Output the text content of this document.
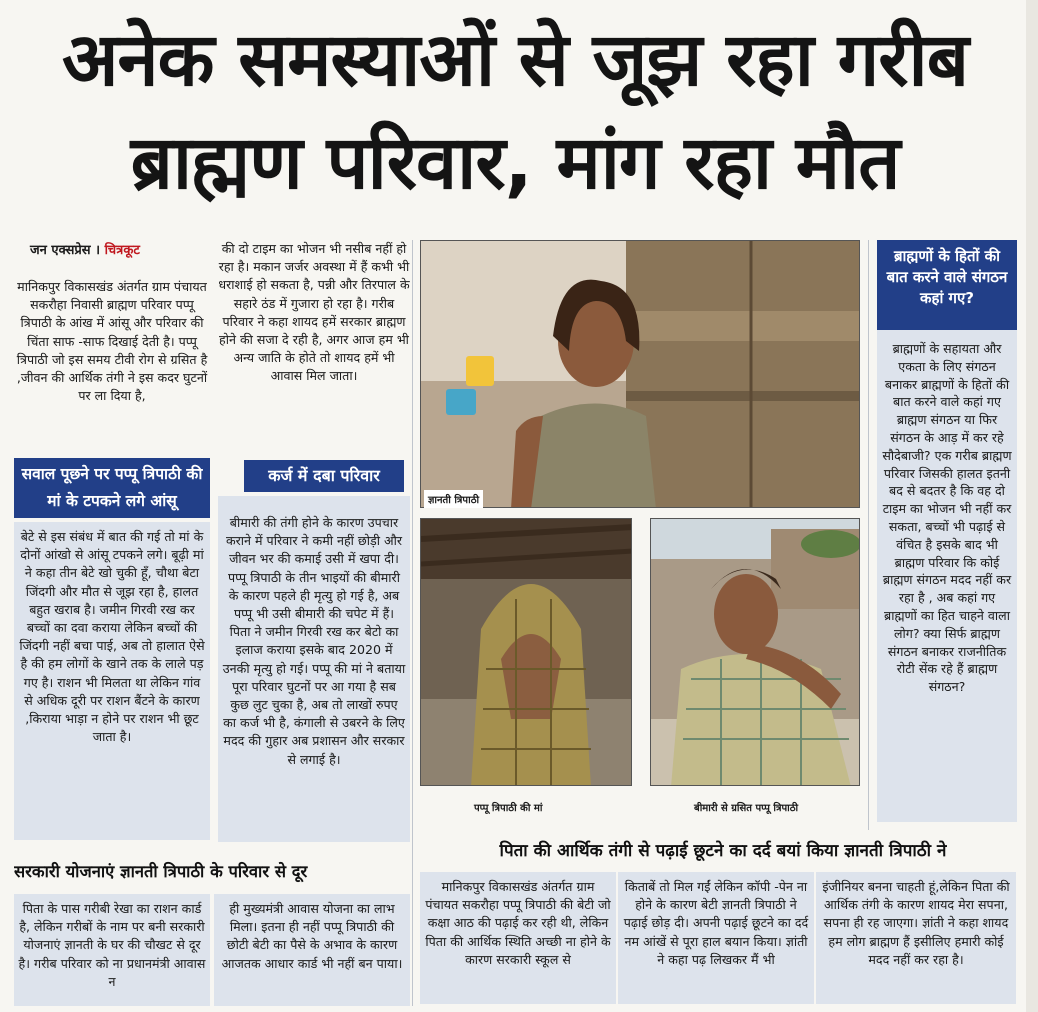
अनेक समस्याओं से जूझ रहा गरीब
ब्राह्मण परिवार, मांग रहा मौत
जन एक्सप्रेस । चित्रकूट
मानिकपुर विकासखंड अंतर्गत ग्राम पंचायत सकरौहा निवासी ब्राह्मण परिवार पप्पू त्रिपाठी के आंख में आंसू और परिवार की चिंता साफ -साफ दिखाई देती है। पप्पू त्रिपाठी जो इस समय टीवी रोग से ग्रसित है ,जीवन की आर्थिक तंगी ने इस कदर घुटनों पर ला दिया है,
की दो टाइम का भोजन भी नसीब नहीं हो रहा है। मकान जर्जर अवस्था में हैं कभी भी धराशाई हो सकता है, पन्नी और तिरपाल के सहारे ठंड में गुजारा हो रहा है। गरीब परिवार ने कहा शायद हमें सरकार ब्राह्मण होने की सजा दे रही है, अगर आज हम भी अन्य जाति के होते तो शायद हमें भी आवास मिल जाता।
सवाल पूछने पर पप्पू त्रिपाठी की मां के टपकने लगे आंसू
बेटे से इस संबंध में बात की गई तो मां के दोनों आंखो से आंसू टपकने लगे। बूढ़ी मां ने कहा तीन बेटे खो चुकी हूँ, चौथा बेटा जिंदगी और मौत से जूझ रहा है, हालत बहुत खराब है। जमीन गिरवी रख कर बच्चों का दवा कराया लेकिन बच्चों की जिंदगी नहीं बचा पाई, अब तो हालात ऐसे है की हम लोगों के खाने तक के लाले पड़ गए है। राशन भी मिलता था लेकिन गांव से अधिक दूरी पर राशन बैंटने के कारण ,किराया भाड़ा न होने पर राशन भी छूट जाता है।
कर्ज में दबा परिवार
बीमारी की तंगी होने के कारण उपचार कराने में परिवार ने कमी नहीं छोड़ी और जीवन भर की कमाई उसी में खपा दी। पप्पू त्रिपाठी के तीन भाइयों की बीमारी के कारण पहले ही मृत्यु हो गई है, अब पप्पू भी उसी बीमारी की चपेट में हैं। पिता ने जमीन गिरवी रख कर बेटो का इलाज कराया इसके बाद 2020 में उनकी मृत्यु हो गई। पप्पू की मां ने बताया पूरा परिवार घुटनों पर आ गया है सब कुछ लुट चुका है, अब तो लाखों रुपए का कर्ज भी है, कंगाली से उबरने के लिए मदद की गुहार अब प्रशासन और सरकार से लगाई है।
ज्ञानती त्रिपाठी
पप्पू त्रिपाठी की मां	बीमारी से ग्रसित पप्पू त्रिपाठी
ब्राह्मणों के हितों की बात करने वाले संगठन कहां गए?
ब्राह्मणों के सहायता और एकता के लिए संगठन बनाकर ब्राह्मणों के हितों की बात करने वाले कहां गए ब्राह्मण संगठन या फिर संगठन के आड़ में कर रहे सौदेबाजी? एक गरीब ब्राह्मण परिवार जिसकी हालत इतनी बद से बदतर है कि वह दो टाइम का भोजन भी नहीं कर सकता, बच्चों भी पढ़ाई से वंचित है इसके बाद भी ब्राह्मण परिवार कि कोई ब्राह्मण संगठन मदद नहीं कर रहा है , अब कहां गए ब्राह्मणों का हित चाहने वाला लोग? क्या सिर्फ ब्राह्मण संगठन बनाकर राजनीतिक रोटी सेंक रहे हैं ब्राह्मण संगठन?
पिता की आर्थिक तंगी से पढ़ाई छूटने का दर्द बयां किया ज्ञानती त्रिपाठी ने
मानिकपुर विकासखंड अंतर्गत ग्राम पंचायत सकरौहा पप्पू त्रिपाठी की बेटी जो कक्षा आठ की पढ़ाई कर रही थी, लेकिन पिता की आर्थिक स्थिति अच्छी ना होने के कारण सरकारी स्कूल से
किताबें तो मिल गईं लेकिन कॉपी -पेन ना होने के कारण बेटी ज्ञानती त्रिपाठी ने पढ़ाई छोड़ दी। अपनी पढ़ाई छूटने का दर्द नम आंखें से पूरा हाल बयान किया। ज्ञांती ने कहा पढ़ लिखकर मैं भी
इंजीनियर बनना चाहती हूं,लेकिन पिता की आर्थिक तंगी के कारण शायद मेरा सपना, सपना ही रह जाएगा। ज्ञांती ने कहा शायद हम लोग ब्राह्मण हैं इसीलिए हमारी कोई मदद नहीं कर रहा है।
सरकारी योजनाएं ज्ञानती त्रिपाठी के परिवार से दूर
पिता के पास गरीबी रेखा का राशन कार्ड है, लेकिन गरीबों के नाम पर बनी सरकारी योजनाएं ज्ञानती के घर की चौखट से दूर है। गरीब परिवार को ना प्रधानमंत्री आवास न
ही मुख्यमंत्री आवास योजना का लाभ मिला। इतना ही नहीं पप्पू त्रिपाठी की छोटी बेटी का पैसे के अभाव के कारण आजतक आधार कार्ड भी नहीं बन पाया।
